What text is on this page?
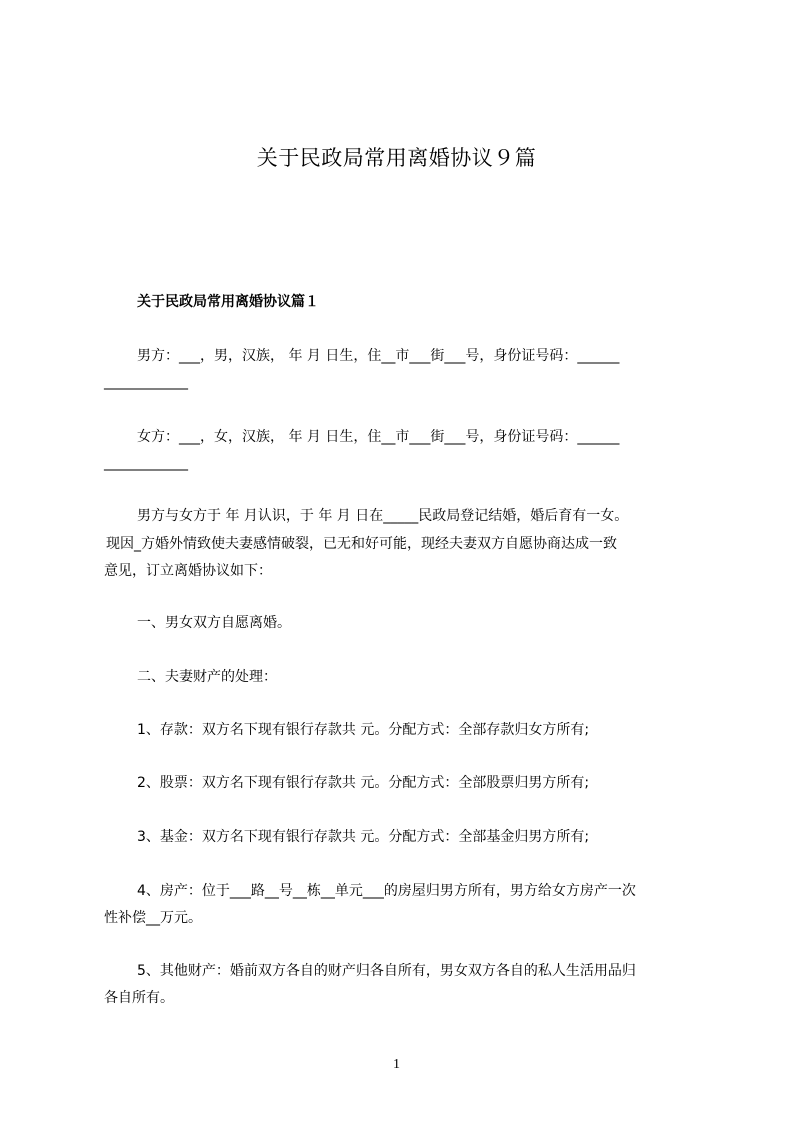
关于民政局常用离婚协议９篇
关于民政局常用离婚协议篇１
男方：___，男，汉族， 年 月 日生，住__市___街___号，身份证号码：______
____________
女方：___，女，汉族， 年 月 日生，住__市___街___号，身份证号码：______
____________
男方与女方于 年 月认识，于 年 月 日在_____民政局登记结婚，婚后育有一女。
现因_方婚外情致使夫妻感情破裂，已无和好可能，现经夫妻双方自愿协商达成一致
意见，订立离婚协议如下：
一、男女双方自愿离婚。
二、夫妻财产的处理：
1、存款：双方名下现有银行存款共 元。分配方式：全部存款归女方所有;
2、股票：双方名下现有银行存款共 元。分配方式：全部股票归男方所有;
3、基金：双方名下现有银行存款共 元。分配方式：全部基金归男方所有;
4、房产：位于___路__号__栋__单元___的房屋归男方所有，男方给女方房产一次
性补偿__万元。
5、其他财产：婚前双方各自的财产归各自所有，男女双方各自的私人生活用品归
各自所有。
1
